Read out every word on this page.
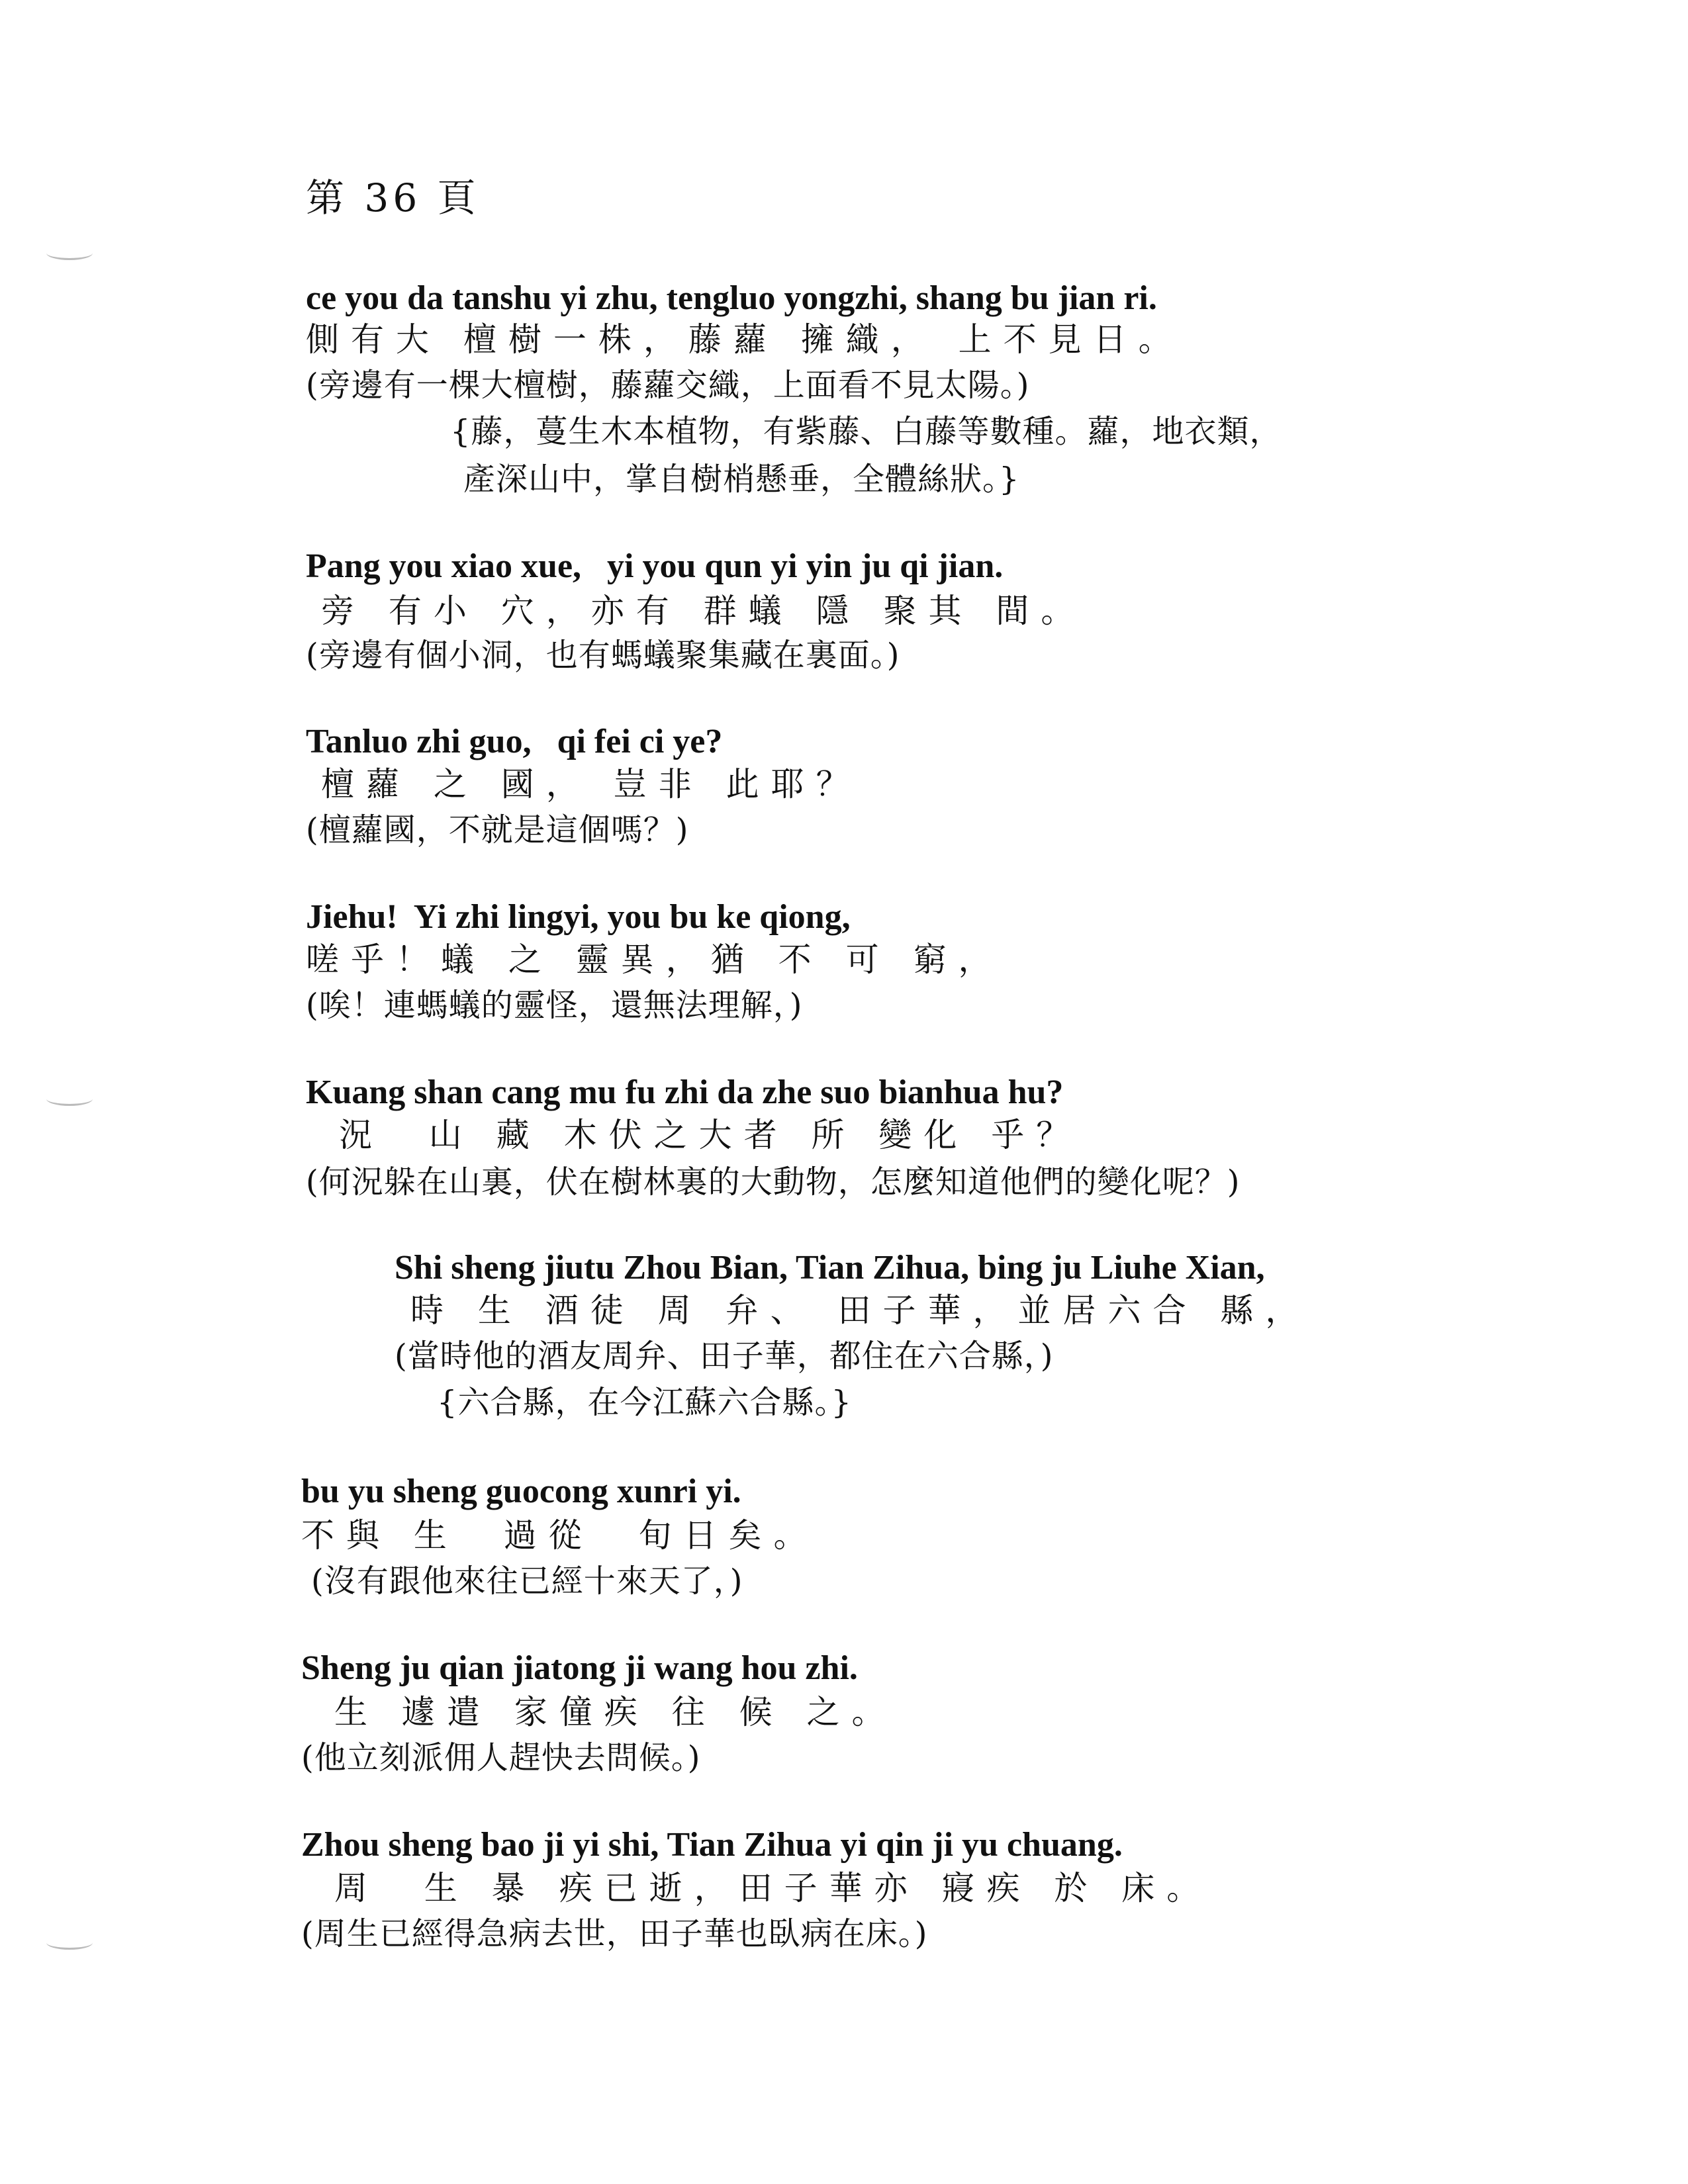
第 36 頁
ce you da tanshu yi zhu, tengluo yongzhi, shang bu jian ri.
側有大 檀樹一株，藤蘿 擁織， 上不見日。
(旁邊有一棵大檀樹，藤蘿交織，上面看不見太陽。)
{藤，蔓生木本植物，有紫藤、白藤等數種。蘿，地衣類，
產深山中，掌自樹梢懸垂，全體絲狀。}
Pang you xiao xue,   yi you qun yi yin ju qi jian.
旁 有小 穴，亦有 群蟻 隱 聚其 間。
(旁邊有個小洞，也有螞蟻聚集藏在裏面。)
Tanluo zhi guo,   qi fei ci ye?
檀蘿 之 國， 豈非 此耶？
(檀蘿國，不就是這個嗎？)
Jiehu!  Yi zhi lingyi, you bu ke qiong,
嗟乎！蟻 之 靈異，猶 不 可 窮，
(唉！連螞蟻的靈怪，還無法理解，)
Kuang shan cang mu fu zhi da zhe suo bianhua hu?
況  山 藏 木伏之大者 所 變化 乎？
(何況躲在山裏，伏在樹林裏的大動物，怎麼知道他們的變化呢？)
Shi sheng jiutu Zhou Bian, Tian Zihua, bing ju Liuhe Xian,
時 生 酒徒 周 弁、 田子華，並居六合 縣，
(當時他的酒友周弁、田子華，都住在六合縣，)
{六合縣，在今江蘇六合縣。}
bu yu sheng guocong xunri yi.
不與 生  過從  旬日矣。
(沒有跟他來往已經十來天了，)
Sheng ju qian jiatong ji wang hou zhi.
生 遽遣 家僮疾 往 候 之。
(他立刻派佣人趕快去問候。)
Zhou sheng bao ji yi shi, Tian Zihua yi qin ji yu chuang.
周  生 暴 疾已逝，田子華亦 寢疾 於 床。
(周生已經得急病去世，田子華也臥病在床。)
